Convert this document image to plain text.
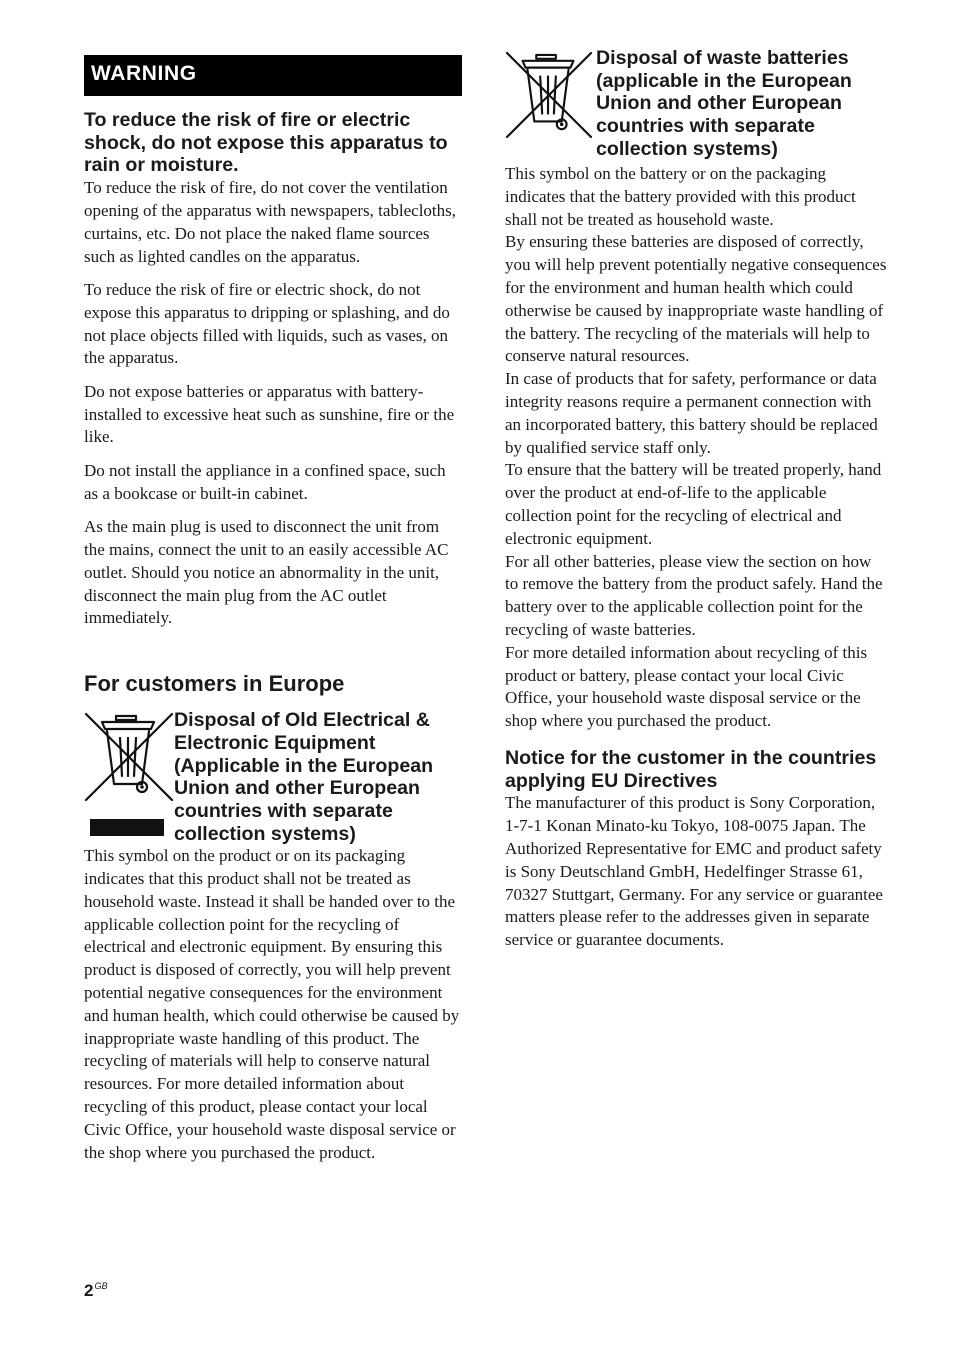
WARNING
To reduce the risk of fire or electric shock, do not expose this apparatus to rain or moisture.

To reduce the risk of fire, do not cover the ventilation opening of the apparatus with newspapers, tablecloths, curtains, etc. Do not place the naked flame sources such as lighted candles on the apparatus.

To reduce the risk of fire or electric shock, do not expose this apparatus to dripping or splashing, and do not place objects filled with liquids, such as vases, on the apparatus.

Do not expose batteries or apparatus with battery-installed to excessive heat such as sunshine, fire or the like.

Do not install the appliance in a confined space, such as a bookcase or built-in cabinet.

As the main plug is used to disconnect the unit from the mains, connect the unit to an easily accessible AC outlet. Should you notice an abnormality in the unit, disconnect the main plug from the AC outlet immediately.

For customers in Europe
Disposal of Old Electrical & Electronic Equipment (Applicable in the European Union and other European countries with separate collection systems)

This symbol on the product or on its packaging indicates that this product shall not be treated as household waste. Instead it shall be handed over to the applicable collection point for the recycling of electrical and electronic equipment. By ensuring this product is disposed of correctly, you will help prevent potential negative consequences for the environment and human health, which could otherwise be caused by inappropriate waste handling of this product. The recycling of materials will help to conserve natural resources. For more detailed information about recycling of this product, please contact your local Civic Office, your household waste disposal service or the shop where you purchased the product.

Disposal of waste batteries (applicable in the European Union and other European countries with separate collection systems)

This symbol on the battery or on the packaging indicates that the battery provided with this product shall not be treated as household waste.

By ensuring these batteries are disposed of correctly, you will help prevent potentially negative consequences for the environment and human health which could otherwise be caused by inappropriate waste handling of the battery. The recycling of the materials will help to conserve natural resources.

In case of products that for safety, performance or data integrity reasons require a permanent connection with an incorporated battery, this battery should be replaced by qualified service staff only.

To ensure that the battery will be treated properly, hand over the product at end-of-life to the applicable collection point for the recycling of electrical and electronic equipment.

For all other batteries, please view the section on how to remove the battery from the product safely. Hand the battery over to the applicable collection point for the recycling of waste batteries.

For more detailed information about recycling of this product or battery, please contact your local Civic Office, your household waste disposal service or the shop where you purchased the product.

Notice for the customer in the countries applying EU Directives

The manufacturer of this product is Sony Corporation, 1-7-1 Konan Minato-ku Tokyo, 108-0075 Japan. The Authorized Representative for EMC and product safety is Sony Deutschland GmbH, Hedelfinger Strasse 61, 70327 Stuttgart, Germany. For any service or guarantee matters please refer to the addresses given in separate service or guarantee documents.

$2^{GB}$
